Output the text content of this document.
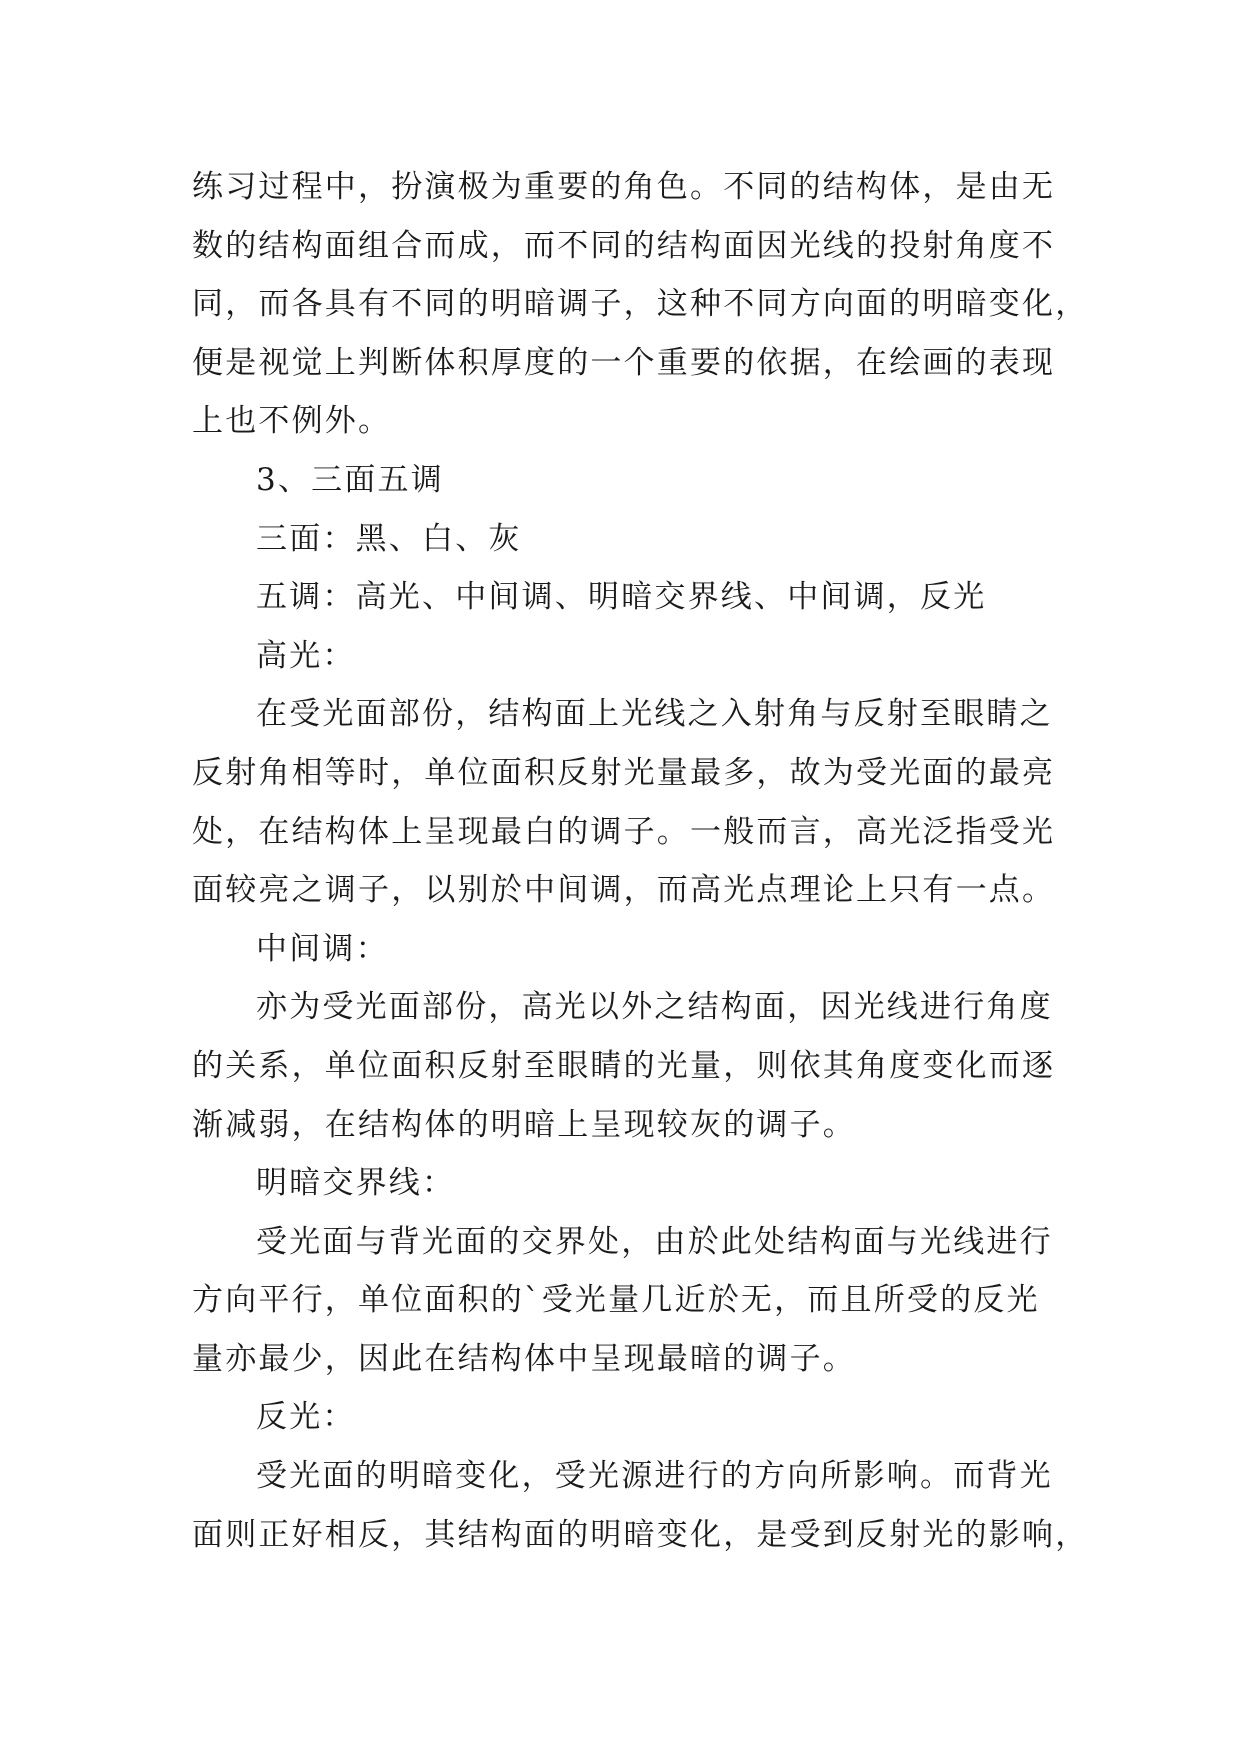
练习过程中，扮演极为重要的角色。不同的结构体，是由无
数的结构面组合而成，而不同的结构面因光线的投射角度不
同，而各具有不同的明暗调子，这种不同方向面的明暗变化，
便是视觉上判断体积厚度的一个重要的依据，在绘画的表现
上也不例外。
3、三面五调
三面：黑、白、灰
五调：高光、中间调、明暗交界线、中间调，反光
高光：
在受光面部份，结构面上光线之入射角与反射至眼睛之
反射角相等时，单位面积反射光量最多，故为受光面的最亮
处，在结构体上呈现最白的调子。一般而言，高光泛指受光
面较亮之调子，以别於中间调，而高光点理论上只有一点。
中间调：
亦为受光面部份，高光以外之结构面，因光线进行角度
的关系，单位面积反射至眼睛的光量，则依其角度变化而逐
渐减弱，在结构体的明暗上呈现较灰的调子。
明暗交界线：
受光面与背光面的交界处，由於此处结构面与光线进行
方向平行，单位面积的`受光量几近於无，而且所受的反光
量亦最少，因此在结构体中呈现最暗的调子。
反光：
受光面的明暗变化，受光源进行的方向所影响。而背光
面则正好相反，其结构面的明暗变化，是受到反射光的影响，
